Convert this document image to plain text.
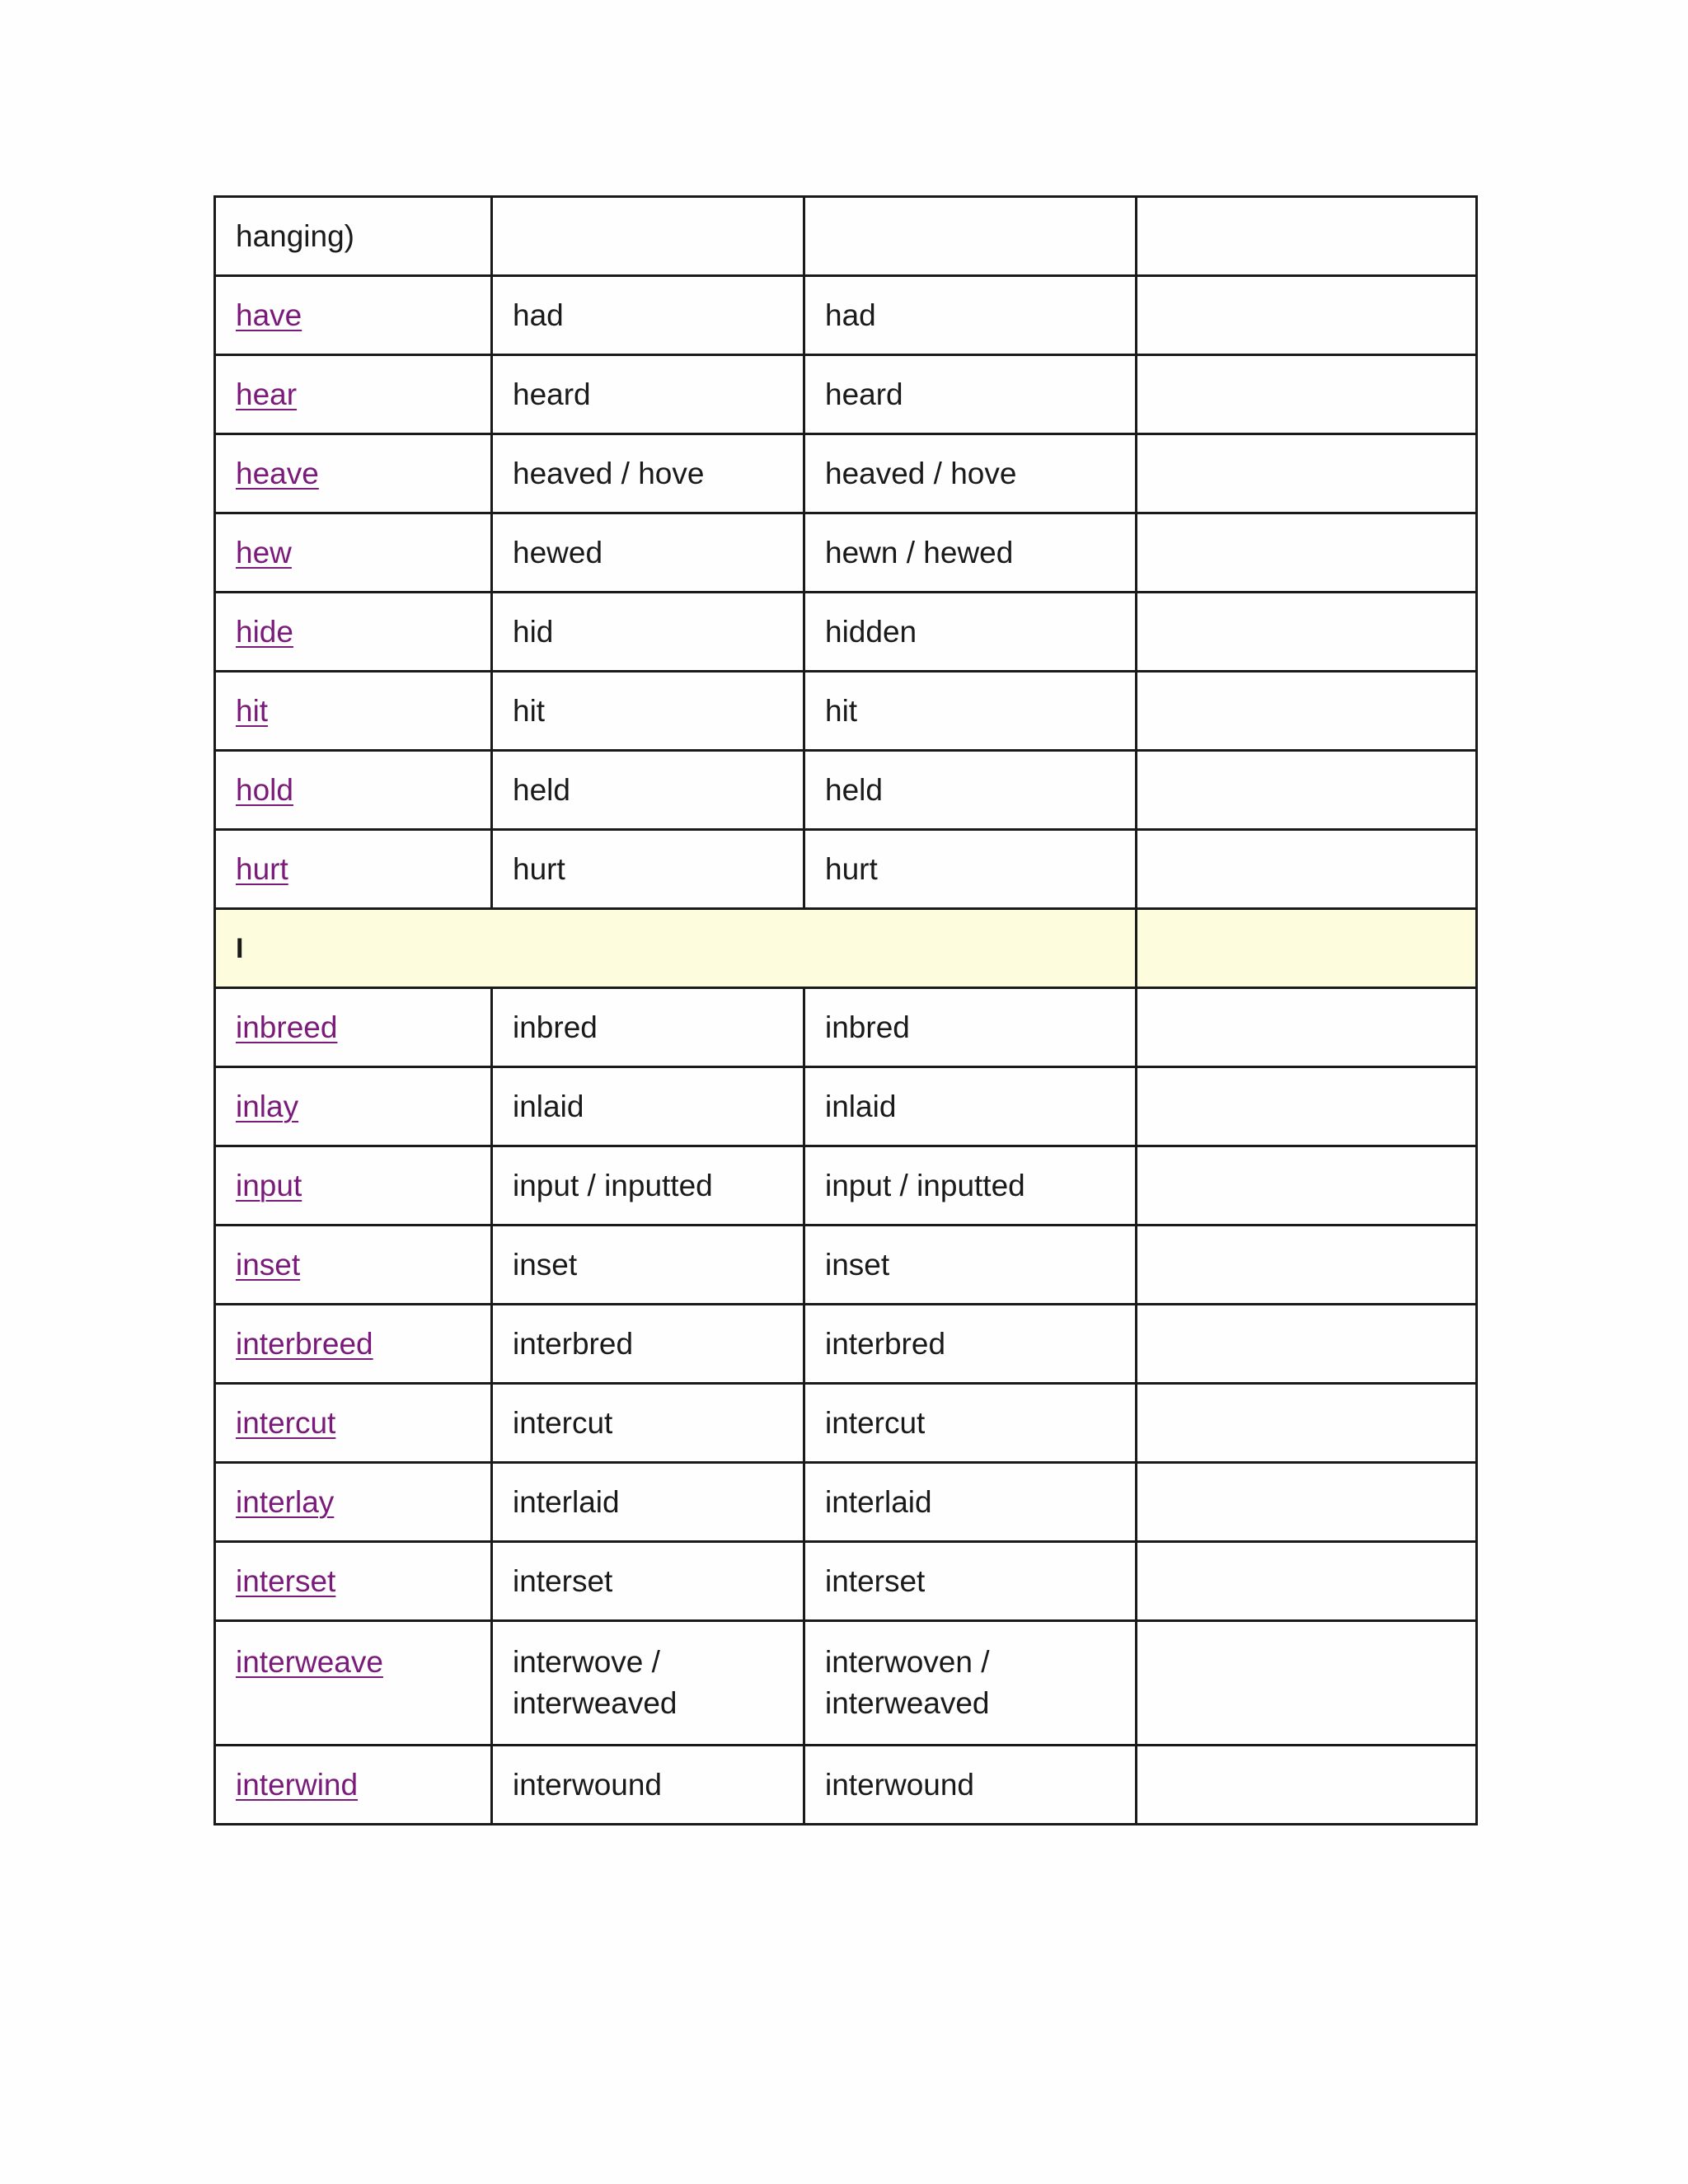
hanging)			
have	had	had	
hear	heard	heard	
heave	heaved / hove	heaved / hove	
hew	hewed	hewn / hewed	
hide	hid	hidden	
hit	hit	hit	
hold	held	held	
hurt	hurt	hurt	
I			
inbreed	inbred	inbred	
inlay	inlaid	inlaid	
input	input / inputted	input / inputted	
inset	inset	inset	
interbreed	interbred	interbred	
intercut	intercut	intercut	
interlay	interlaid	interlaid	
interset	interset	interset	
interweave	interwove / interweaved	interwoven / interweaved	
interwind	interwound	interwound	
